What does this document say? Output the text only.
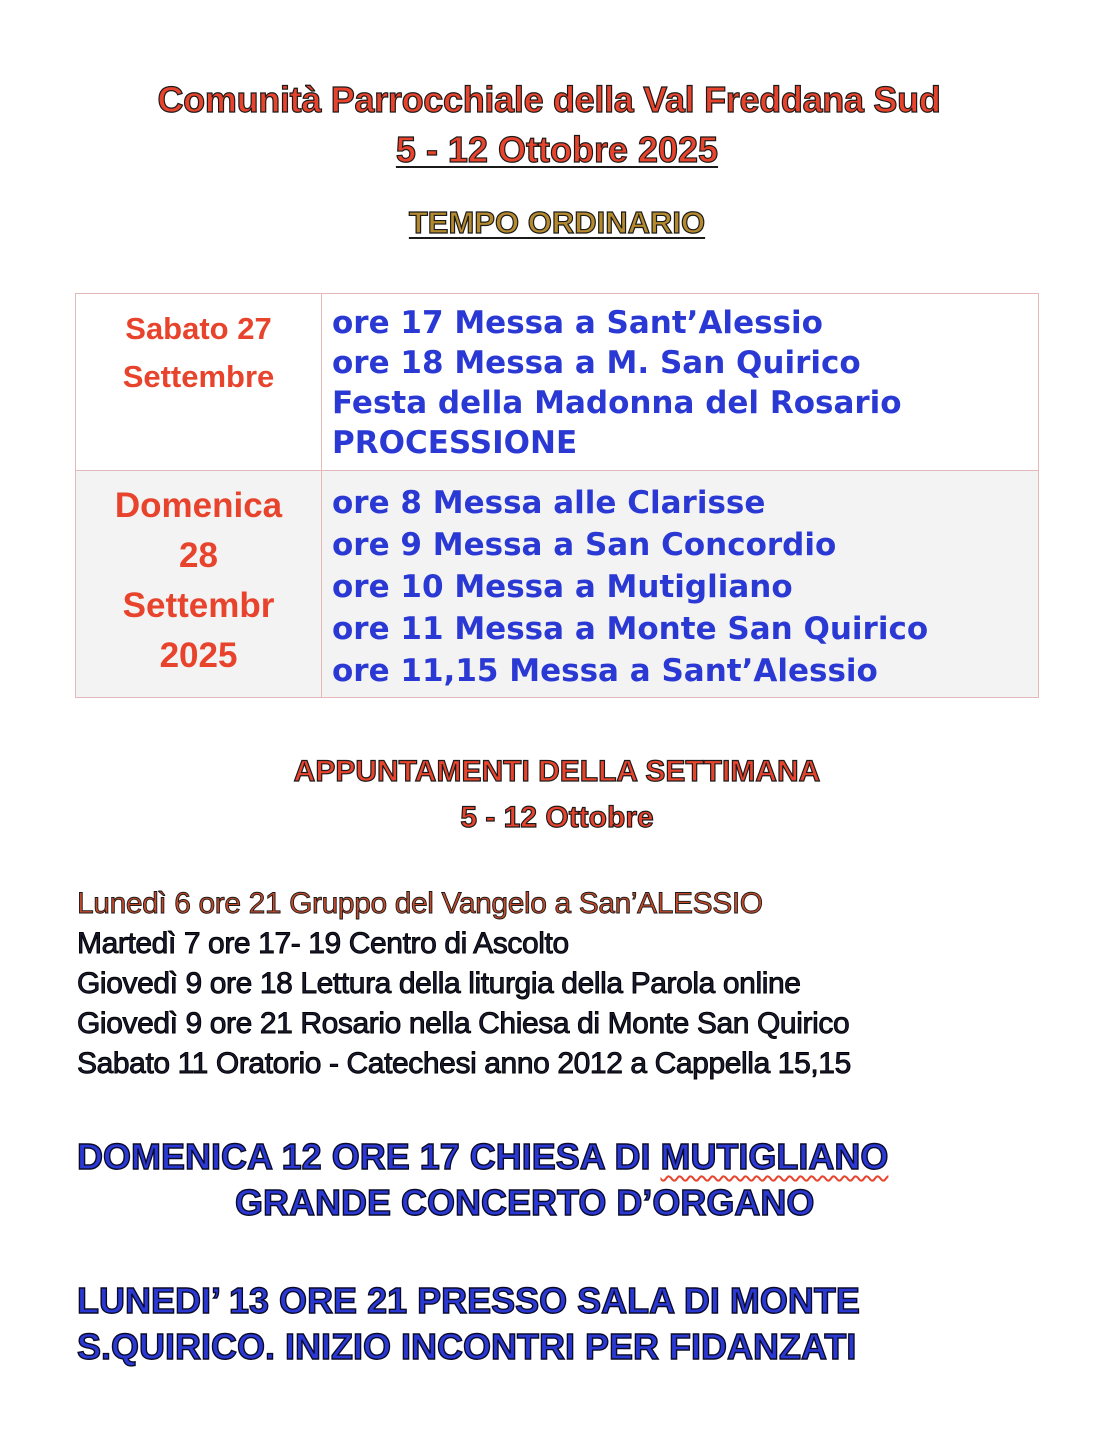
Comunità Parrocchiale della Val Freddana Sud
5 - 12 Ottobre 2025
TEMPO ORDINARIO
Sabato 27
Settembre	ore 17 Messa a Sant’Alessio
ore 18 Messa a M. San Quirico
Festa della Madonna del Rosario
PROCESSIONE

Domenica
28
Settembr
2025	ore 8 Messa alle Clarisse
ore 9 Messa a San Concordio
ore 10 Messa a Mutigliano
ore 11 Messa a Monte San Quirico
ore 11,15 Messa a Sant’Alessio
APPUNTAMENTI DELLA SETTIMANA
5 - 12 Ottobre
Lunedì 6 ore 21 Gruppo del Vangelo a San’ALESSIO
Martedì 7 ore 17- 19 Centro di Ascolto
Giovedì 9 ore 18 Lettura della liturgia della Parola online
Giovedì 9 ore 21 Rosario nella Chiesa di Monte San Quirico
Sabato 11 Oratorio - Catechesi anno 2012 a Cappella 15,15
DOMENICA 12 ORE 17 CHIESA DI MUTIGLIANO
GRANDE CONCERTO D’ORGANO
LUNEDI’ 13 ORE 21 PRESSO SALA DI MONTE
S.QUIRICO. INIZIO INCONTRI PER FIDANZATI
